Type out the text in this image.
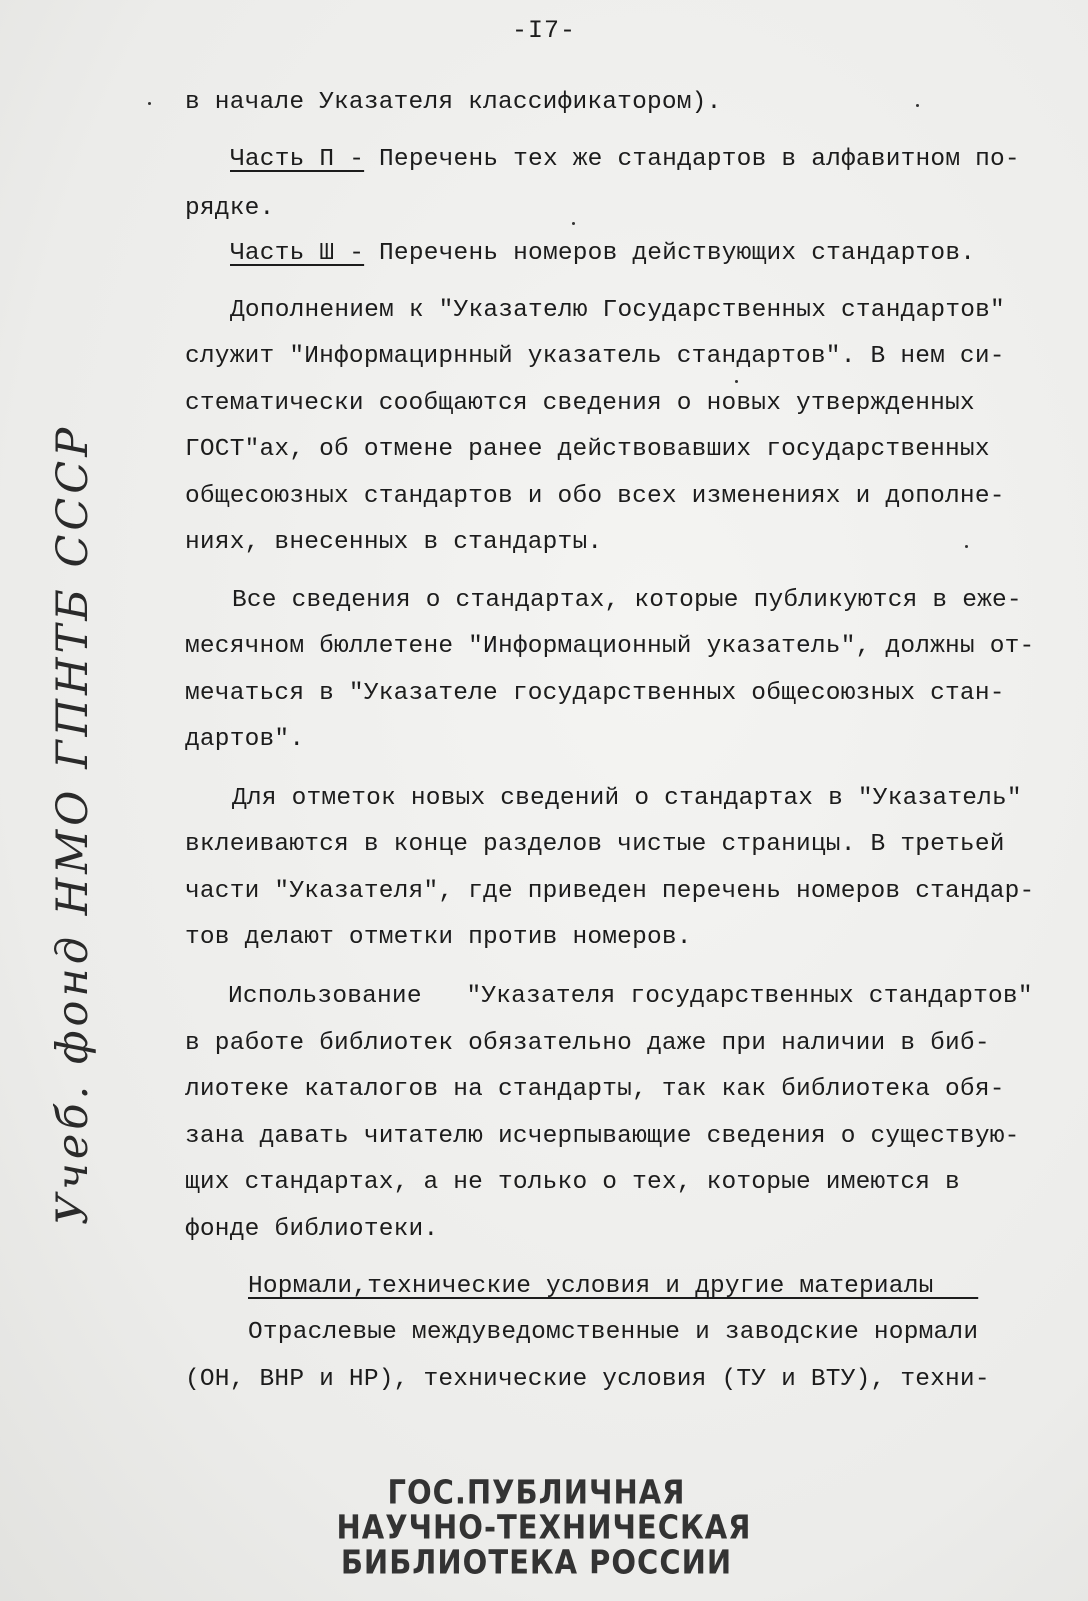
-I7-
в начале Указателя классификатором).
Часть П - Перечень тех же стандартов в алфавитном по-
рядке.
Часть Ш - Перечень номеров действующих стандартов.
Дополнением к "Указателю Государственных стандартов"
служит "Информацирнный указатель стандартов". В нем си-
стематически сообщаются сведения о новых утвержденных
ГОСТ"ах, об отмене ранее действовавших государственных
общесоюзных стандартов и обо всех изменениях и дополне-
ниях, внесенных в стандарты.
Все сведения о стандартах, которые публикуются в еже-
месячном бюллетене "Информационный указатель", должны от-
мечаться в "Указателе государственных общесоюзных стан-
дартов".
Для отметок новых сведений о стандартах в "Указатель"
вклеиваются в конце разделов чистые страницы. В третьей
части "Указателя", где приведен перечень номеров стандар-
тов делают отметки против номеров.
Использование   "Указателя государственных стандартов"
в работе библиотек обязательно даже при наличии в биб-
лиотеке каталогов на стандарты, так как библиотека обя-
зана давать читателю исчерпывающие сведения о существую-
щих стандартах, а не только о тех, которые имеются в
фонде библиотеки.
Нормали,технические условия и другие материалы
Отраслевые междуведомственные и заводские нормали
(ОН, ВНР и НР), технические условия (ТУ и ВТУ), техни-
Учеб. фонд НМО ГПНТБ СССР
ГОС.ПУБЛИЧНАЯ
НАУЧНО-ТЕХНИЧЕСКАЯ
БИБЛИОТЕКА РОССИИ
